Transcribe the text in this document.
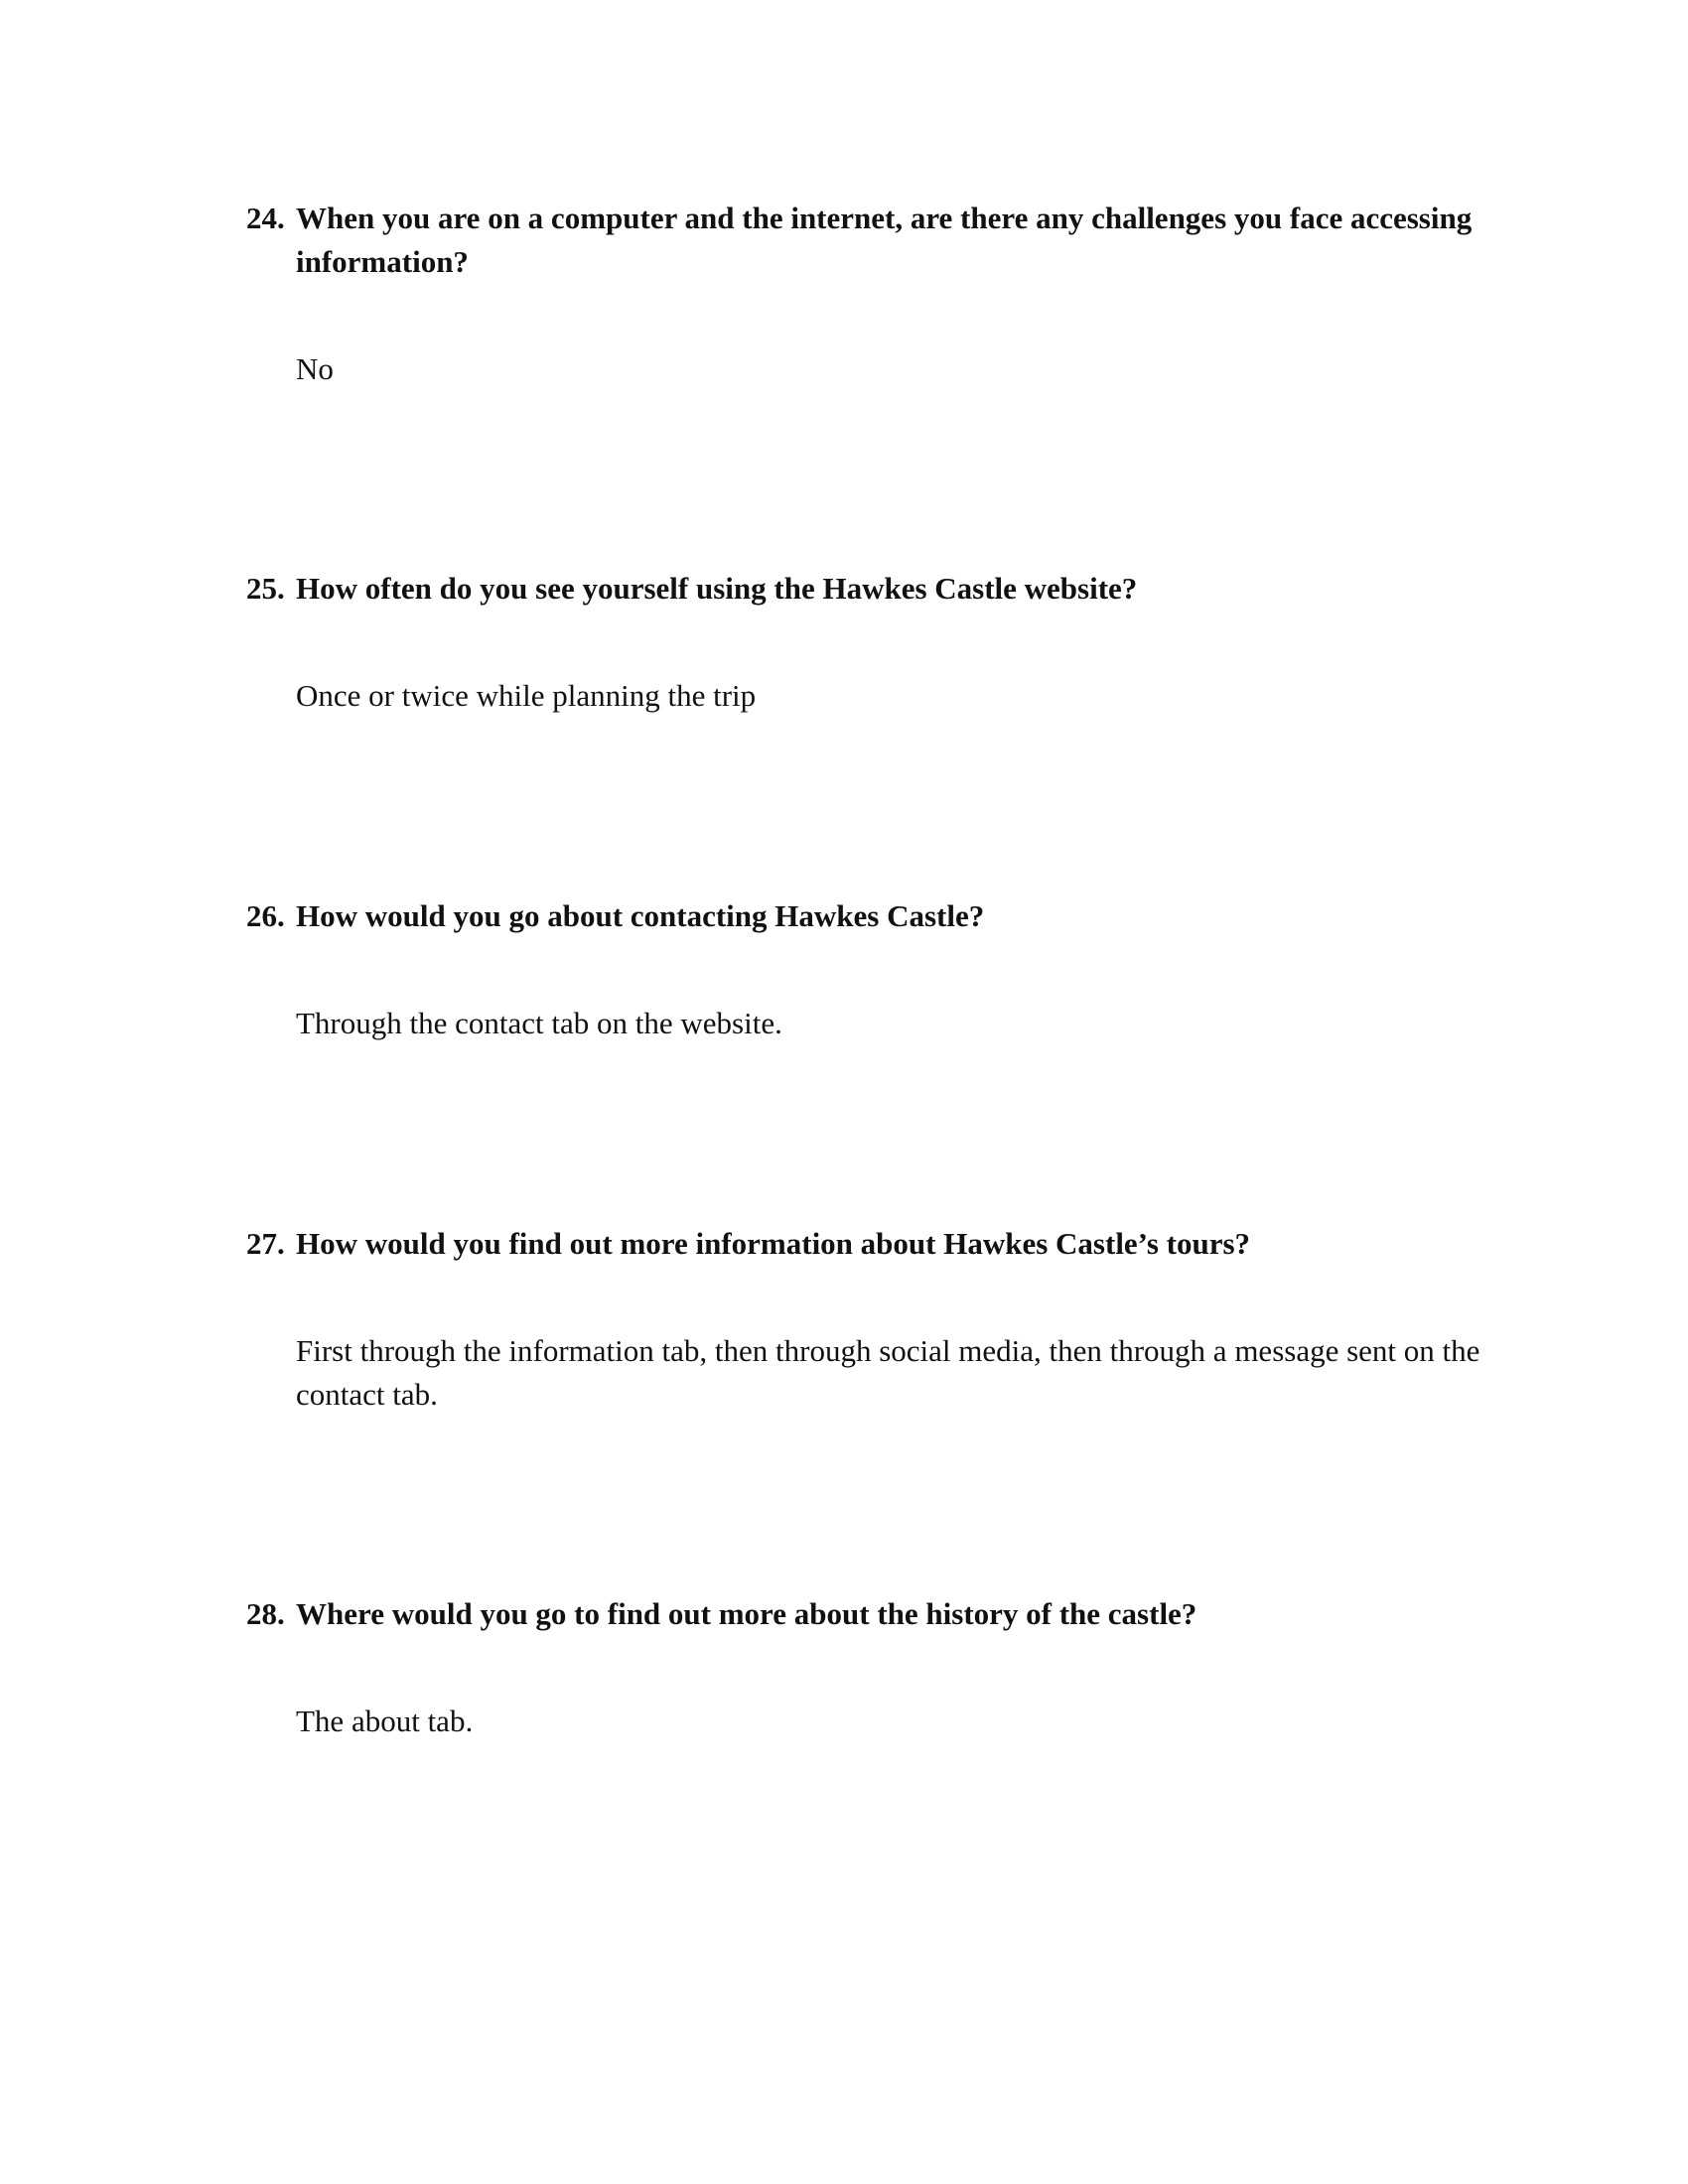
24. When you are on a computer and the internet, are there any challenges you face accessing information?
No
25. How often do you see yourself using the Hawkes Castle website?
Once or twice while planning the trip
26. How would you go about contacting Hawkes Castle?
Through the contact tab on the website.
27. How would you find out more information about Hawkes Castle’s tours?
First through the information tab, then through social media, then through a message sent on the contact tab.
28. Where would you go to find out more about the history of the castle?
The about tab.
